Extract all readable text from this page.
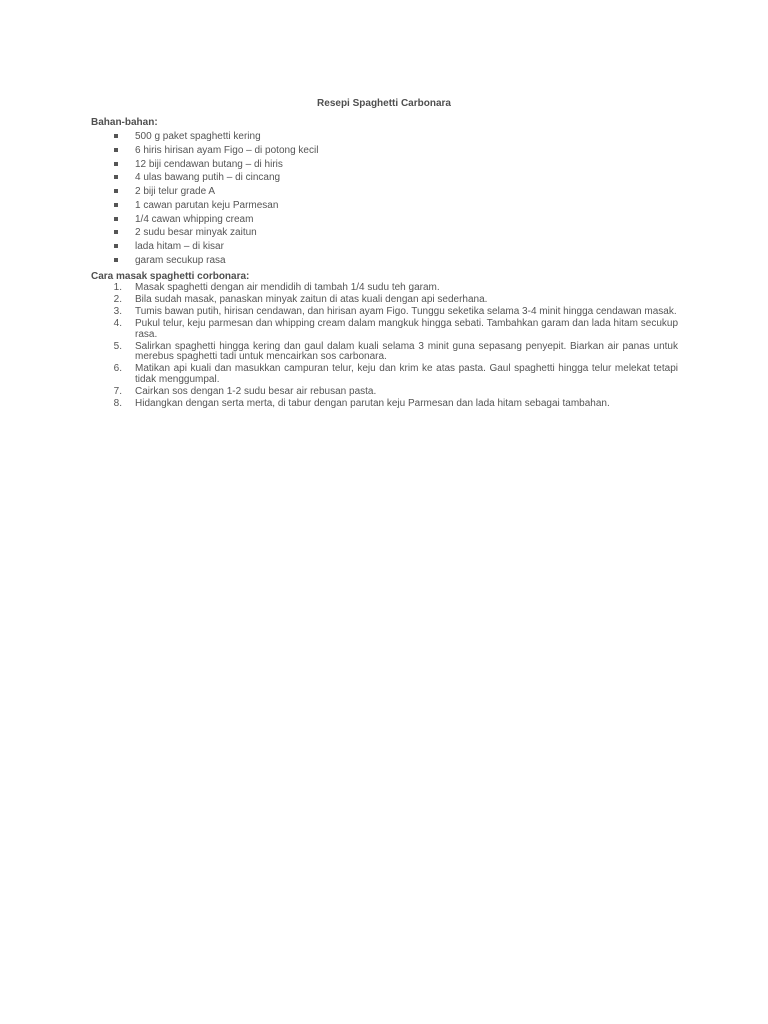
Resepi Spaghetti Carbonara
Bahan-bahan:
500 g paket spaghetti kering
6 hiris hirisan ayam Figo – di potong kecil
12 biji cendawan butang – di hiris
4 ulas bawang putih – di cincang
2 biji telur grade A
1 cawan parutan keju Parmesan
1/4 cawan whipping cream
2 sudu besar minyak zaitun
lada hitam – di kisar
garam secukup rasa
Cara masak spaghetti corbonara:
1. Masak spaghetti dengan air mendidih di tambah 1/4 sudu teh garam.
2. Bila sudah masak, panaskan minyak zaitun di atas kuali dengan api sederhana.
3. Tumis bawan putih, hirisan cendawan, dan hirisan ayam Figo. Tunggu seketika selama 3-4 minit hingga cendawan masak.
4. Pukul telur, keju parmesan dan whipping cream dalam mangkuk hingga sebati. Tambahkan garam dan lada hitam secukup rasa.
5. Salirkan spaghetti hingga kering dan gaul dalam kuali selama 3 minit guna sepasang penyepit. Biarkan air panas untuk merebus spaghetti tadi untuk mencairkan sos carbonara.
6. Matikan api kuali dan masukkan campuran telur, keju dan krim ke atas pasta. Gaul spaghetti hingga telur melekat tetapi tidak menggumpal.
7. Cairkan sos dengan 1-2 sudu besar air rebusan pasta.
8. Hidangkan dengan serta merta, di tabur dengan parutan keju Parmesan dan lada hitam sebagai tambahan.
